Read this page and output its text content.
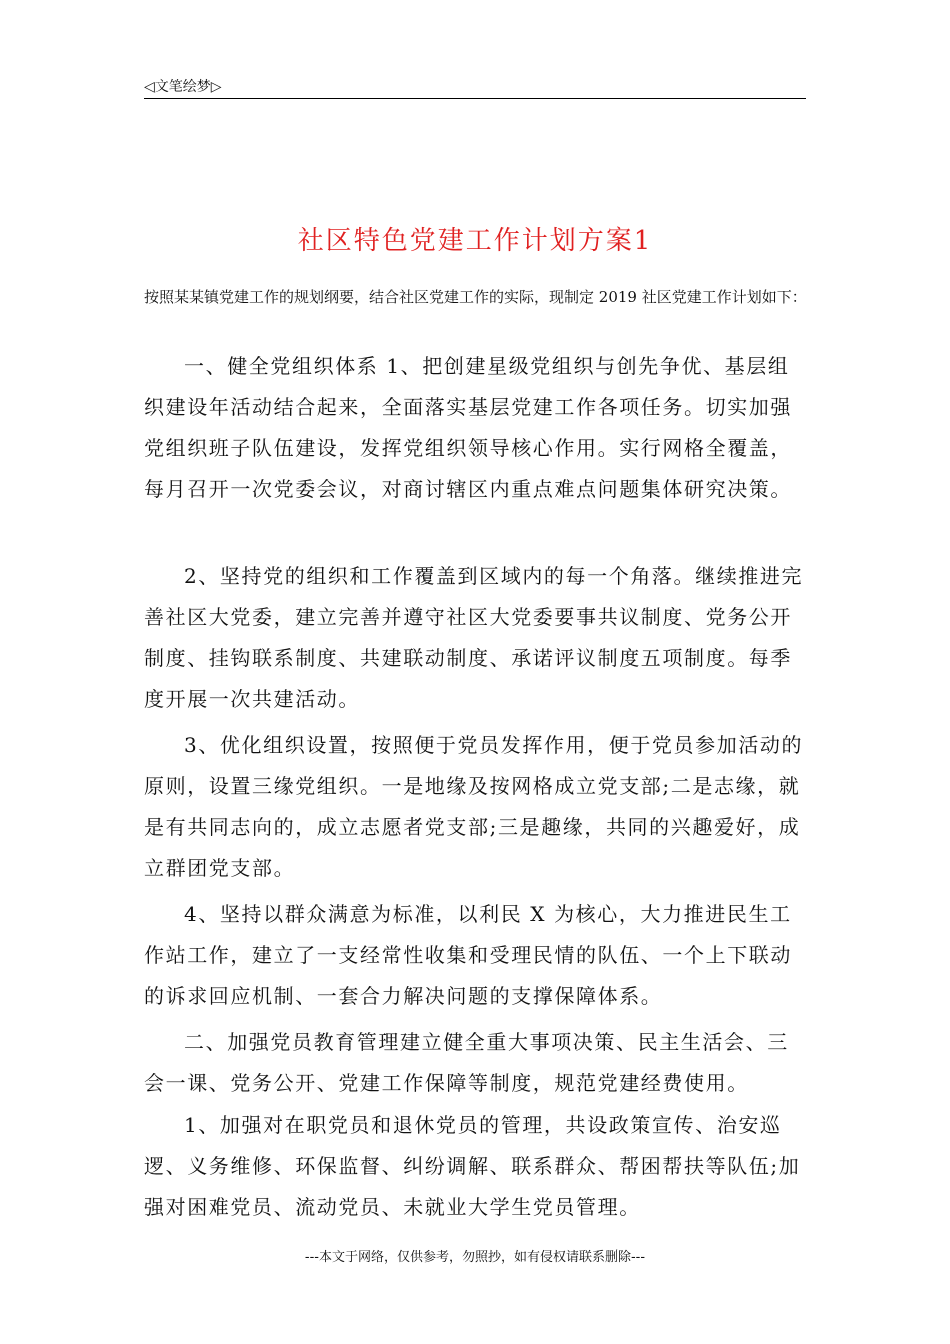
◁文笔绘梦▷
社区特色党建工作计划方案1
按照某某镇党建工作的规划纲要，结合社区党建工作的实际，现制定 2019 社区党建工作计划如下：
一、健全党组织体系 1、把创建星级党组织与创先争优、基层组织建设年活动结合起来，全面落实基层党建工作各项任务。切实加强党组织班子队伍建设，发挥党组织领导核心作用。实行网格全覆盖，每月召开一次党委会议，对商讨辖区内重点难点问题集体研究决策。
2、坚持党的组织和工作覆盖到区域内的每一个角落。继续推进完善社区大党委，建立完善并遵守社区大党委要事共议制度、党务公开制度、挂钩联系制度、共建联动制度、承诺评议制度五项制度。每季度开展一次共建活动。
3、优化组织设置，按照便于党员发挥作用，便于党员参加活动的原则，设置三缘党组织。一是地缘及按网格成立党支部;二是志缘，就是有共同志向的，成立志愿者党支部;三是趣缘，共同的兴趣爱好，成立群团党支部。
4、坚持以群众满意为标准，以利民 X 为核心，大力推进民生工作站工作，建立了一支经常性收集和受理民情的队伍、一个上下联动的诉求回应机制、一套合力解决问题的支撑保障体系。
二、加强党员教育管理建立健全重大事项决策、民主生活会、三会一课、党务公开、党建工作保障等制度，规范党建经费使用。
1、加强对在职党员和退休党员的管理，共设政策宣传、治安巡逻、义务维修、环保监督、纠纷调解、联系群众、帮困帮扶等队伍;加强对困难党员、流动党员、未就业大学生党员管理。
---本文于网络，仅供参考，勿照抄，如有侵权请联系删除---
